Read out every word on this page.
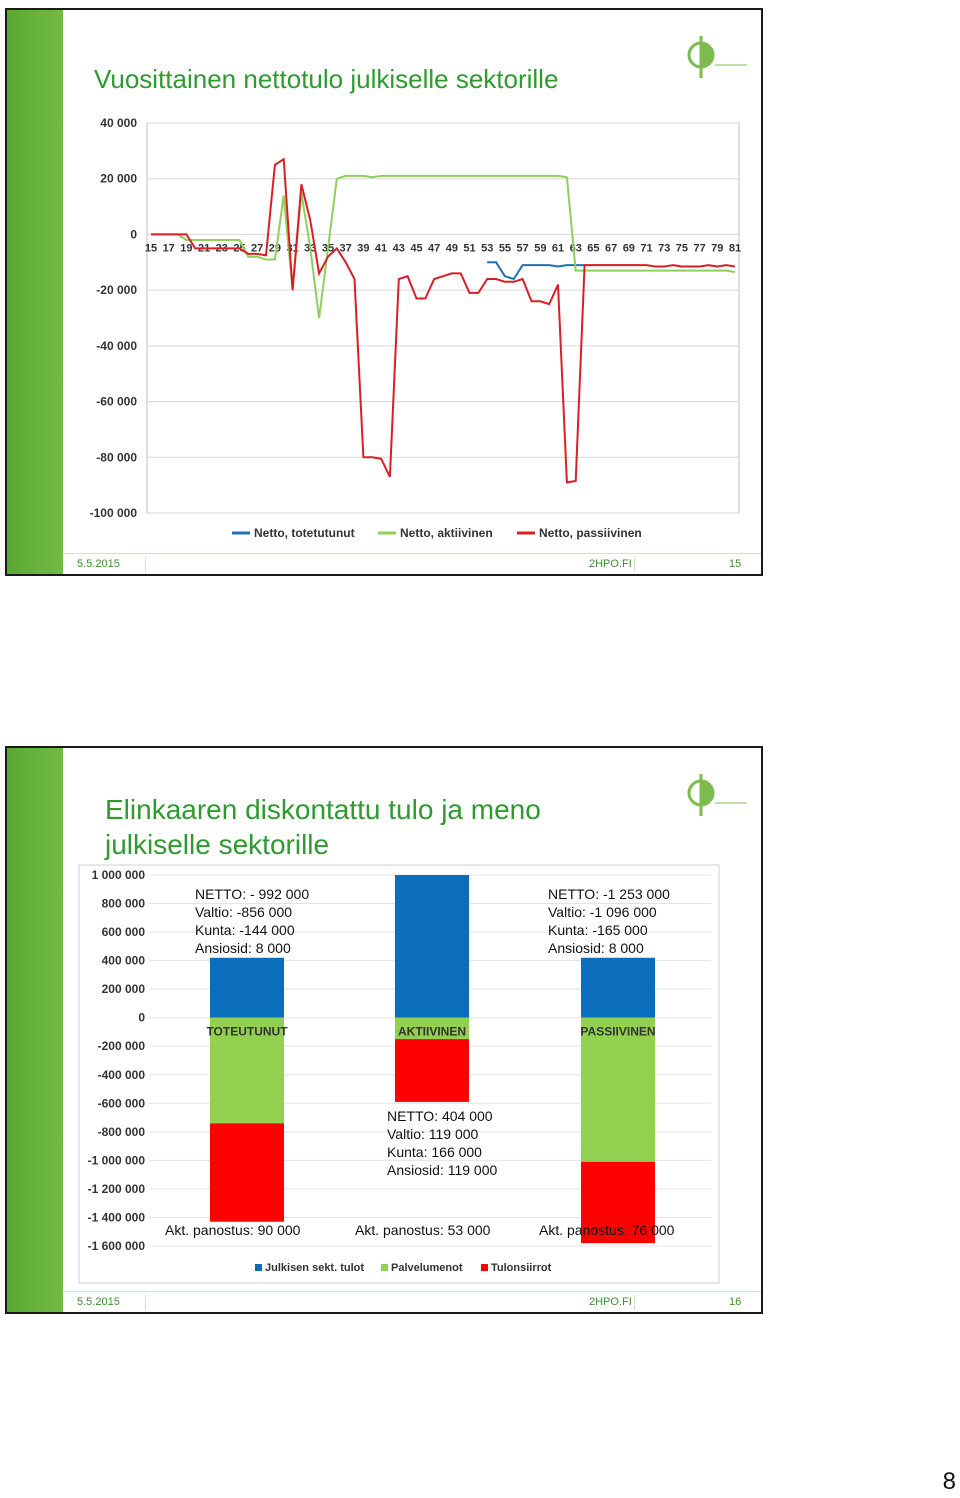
Vuosittainen nettotulo julkiselle sektorille
40 000
20 000
0
-20 000
-40 000
-60 000
-80 000
-100 000
15 17 19 21 23 25 27 29 31 33 35 37 39 41 43 45 47 49 51 53 55 57 59 61 63 65 67 69 71 73 75 77 79 81
Netto, totetutunut	Netto, aktiivinen	Netto, passiivinen
5.5.2015	2HPO.FI	15
Elinkaaren diskontattu tulo ja meno
julkiselle sektorille
1 000 000
800 000
600 000
400 000
200 000
0
-200 000
-400 000
-600 000
-800 000
-1 000 000
-1 200 000
-1 400 000
-1 600 000
TOTEUTUNUT	AKTIIVINEN	PASSIIVINEN
Julkisen sekt. tulot Palvelumenot	Tulonsiirrot
NETTO: - 992 000
Valtio: -856 000
Kunta: -144 000
Ansiosid: 8 000
NETTO: -1 253 000
Valtio: -1 096 000
Kunta: -165 000
Ansiosid: 8 000
NETTO: 404 000
Valtio: 119 000
Kunta: 166 000
Ansiosid: 119 000
Akt. panostus: 90 000	Akt. panostus: 53 000	Akt. panostus: 76 000
5.5.2015	2HPO.FI	16
8
